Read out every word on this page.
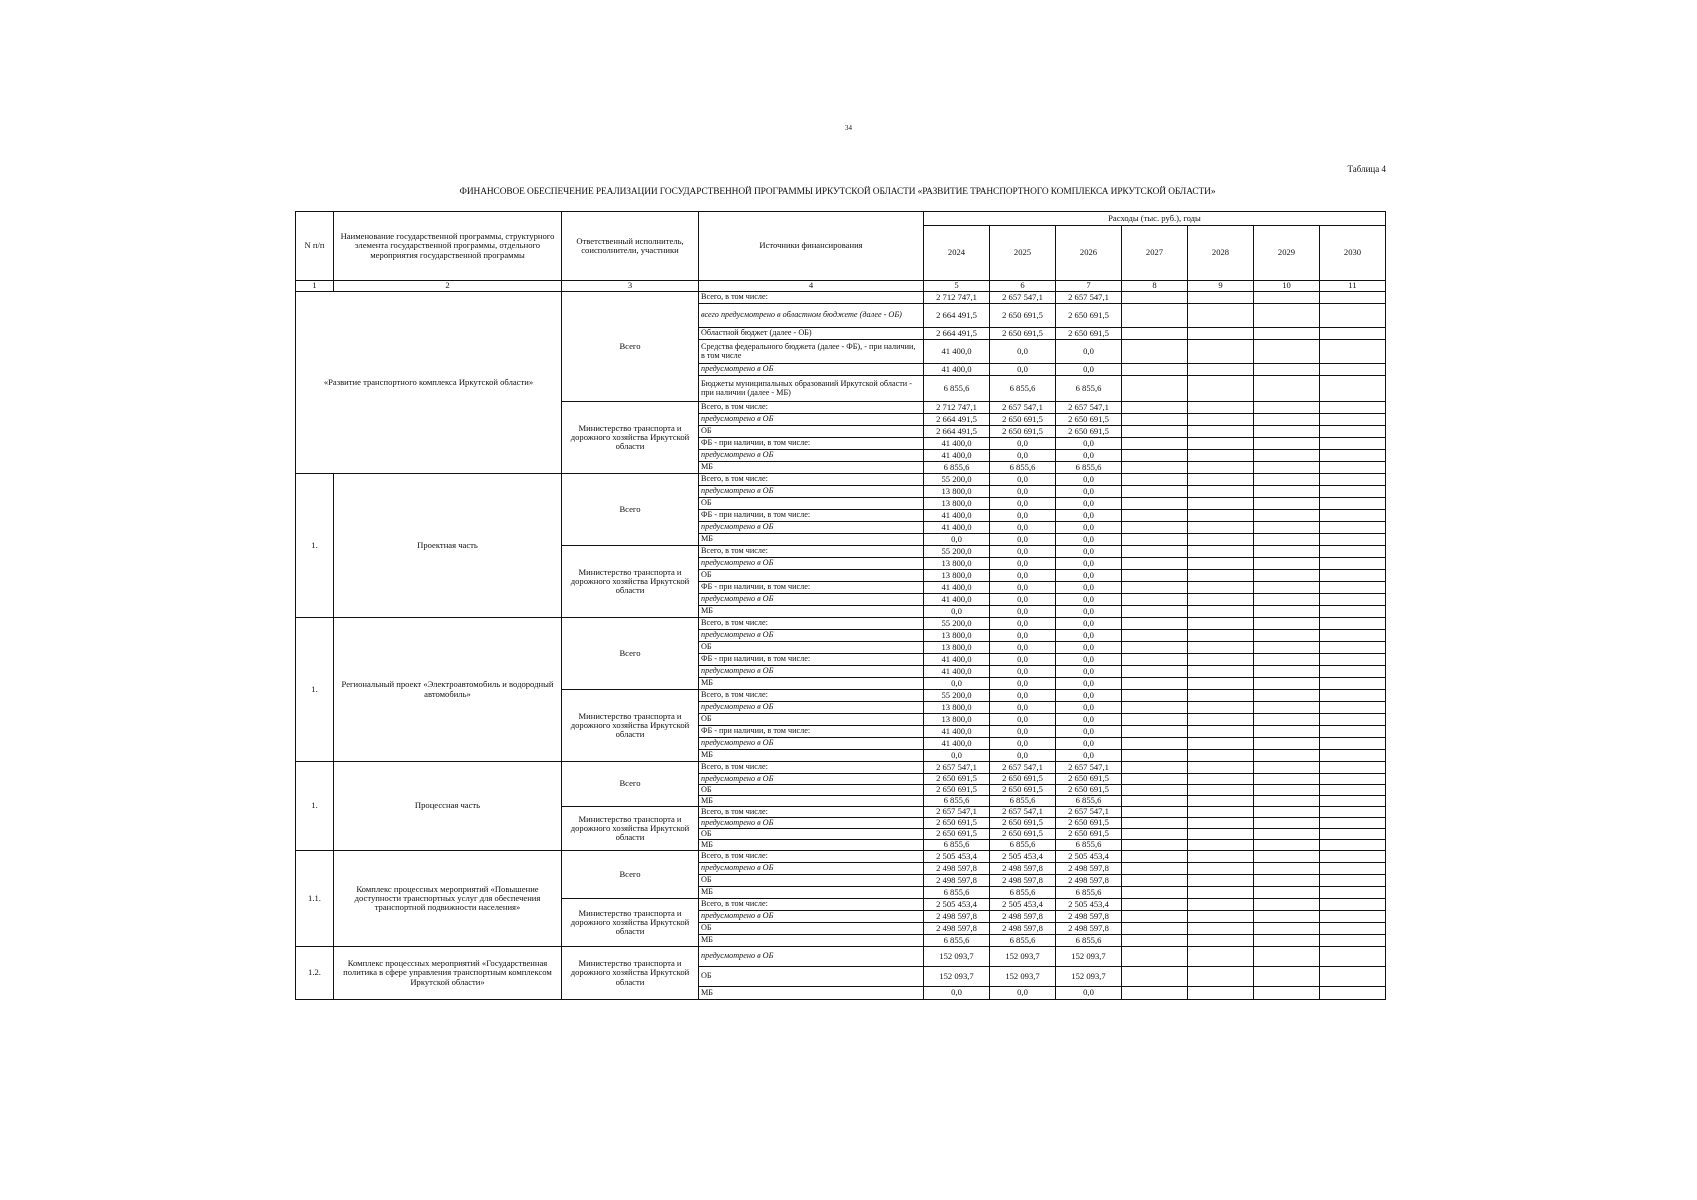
34
Таблица 4
ФИНАНСОВОЕ ОБЕСПЕЧЕНИЕ РЕАЛИЗАЦИИ ГОСУДАРСТВЕННОЙ ПРОГРАММЫ ИРКУТСКОЙ ОБЛАСТИ «РАЗВИТИЕ ТРАНСПОРТНОГО КОМПЛЕКСА ИРКУТСКОЙ ОБЛАСТИ»
N п/п	Наименование государственной программы, структурного элемента государственной программы, отдельного мероприятия государственной программы	Ответственный исполнитель, соисполнители, участники	Источники финансирования	Расходы (тыс. руб.), годы						
				2024	2025	2026	2027	2028	2029	2030
1	2	3	4	5	6	7	8	9	10	11
«Развитие транспортного комплекса Иркутской области»		Всего	Всего, в том числе:	2 712 747,1	2 657 547,1	2 657 547,1				
			всего предусмотрено в областном бюджете (далее - ОБ)	2 664 491,5	2 650 691,5	2 650 691,5				
			Областной бюджет (далее - ОБ)	2 664 491,5	2 650 691,5	2 650 691,5				
			Средства федерального бюджета (далее - ФБ), - при наличии, в том числе	41 400,0	0,0	0,0				
			предусмотрено в ОБ	41 400,0	0,0	0,0				
			Бюджеты муниципальных образований Иркутской области - при наличии (далее - МБ)	6 855,6	6 855,6	6 855,6				
		Министерство транспорта и дорожного хозяйства Иркутской области	Всего, в том числе:	2 712 747,1	2 657 547,1	2 657 547,1				
			предусмотрено в ОБ	2 664 491,5	2 650 691,5	2 650 691,5				
			ОБ	2 664 491,5	2 650 691,5	2 650 691,5				
			ФБ - при наличии, в том числе:	41 400,0	0,0	0,0				
			предусмотрено в ОБ	41 400,0	0,0	0,0				
			МБ	6 855,6	6 855,6	6 855,6				
1.	Проектная часть	Всего	Всего, в том числе:	55 200,0	0,0	0,0				
			предусмотрено в ОБ	13 800,0	0,0	0,0				
			ОБ	13 800,0	0,0	0,0				
			ФБ - при наличии, в том числе:	41 400,0	0,0	0,0				
			предусмотрено в ОБ	41 400,0	0,0	0,0				
			МБ	0,0	0,0	0,0				
		Министерство транспорта и дорожного хозяйства Иркутской области	Всего, в том числе:	55 200,0	0,0	0,0				
			предусмотрено в ОБ	13 800,0	0,0	0,0				
			ОБ	13 800,0	0,0	0,0				
			ФБ - при наличии, в том числе:	41 400,0	0,0	0,0				
			предусмотрено в ОБ	41 400,0	0,0	0,0				
			МБ	0,0	0,0	0,0				
1.	Региональный проект «Электроавтомобиль и водородный автомобиль»	Всего	Всего, в том числе:	55 200,0	0,0	0,0				
			предусмотрено в ОБ	13 800,0	0,0	0,0				
			ОБ	13 800,0	0,0	0,0				
			ФБ - при наличии, в том числе:	41 400,0	0,0	0,0				
			предусмотрено в ОБ	41 400,0	0,0	0,0				
			МБ	0,0	0,0	0,0				
		Министерство транспорта и дорожного хозяйства Иркутской области	Всего, в том числе:	55 200,0	0,0	0,0				
			предусмотрено в ОБ	13 800,0	0,0	0,0				
			ОБ	13 800,0	0,0	0,0				
			ФБ - при наличии, в том числе:	41 400,0	0,0	0,0				
			предусмотрено в ОБ	41 400,0	0,0	0,0				
			МБ	0,0	0,0	0,0				
1.	Процессная часть	Всего	Всего, в том числе:	2 657 547,1	2 657 547,1	2 657 547,1				
			предусмотрено в ОБ	2 650 691,5	2 650 691,5	2 650 691,5				
			ОБ	2 650 691,5	2 650 691,5	2 650 691,5				
			МБ	6 855,6	6 855,6	6 855,6				
		Министерство транспорта и дорожного хозяйства Иркутской области	Всего, в том числе:	2 657 547,1	2 657 547,1	2 657 547,1				
			предусмотрено в ОБ	2 650 691,5	2 650 691,5	2 650 691,5				
			ОБ	2 650 691,5	2 650 691,5	2 650 691,5				
			МБ	6 855,6	6 855,6	6 855,6				
1.1.	Комплекс процессных мероприятий «Повышение доступности транспортных услуг для обеспечения транспортной подвижности населения»	Всего	Всего, в том числе:	2 505 453,4	2 505 453,4	2 505 453,4				
			предусмотрено в ОБ	2 498 597,8	2 498 597,8	2 498 597,8				
			ОБ	2 498 597,8	2 498 597,8	2 498 597,8				
			МБ	6 855,6	6 855,6	6 855,6				
		Министерство транспорта и дорожного хозяйства Иркутской области	Всего, в том числе:	2 505 453,4	2 505 453,4	2 505 453,4				
			предусмотрено в ОБ	2 498 597,8	2 498 597,8	2 498 597,8				
			ОБ	2 498 597,8	2 498 597,8	2 498 597,8				
			МБ	6 855,6	6 855,6	6 855,6				
1.2.	Комплекс процессных мероприятий «Государственная политика в сфере управления транспортным комплексом Иркутской области»	Министерство транспорта и дорожного хозяйства Иркутской области	предусмотрено в ОБ	152 093,7	152 093,7	152 093,7				
			ОБ	152 093,7	152 093,7	152 093,7				
			МБ	0,0	0,0	0,0				
